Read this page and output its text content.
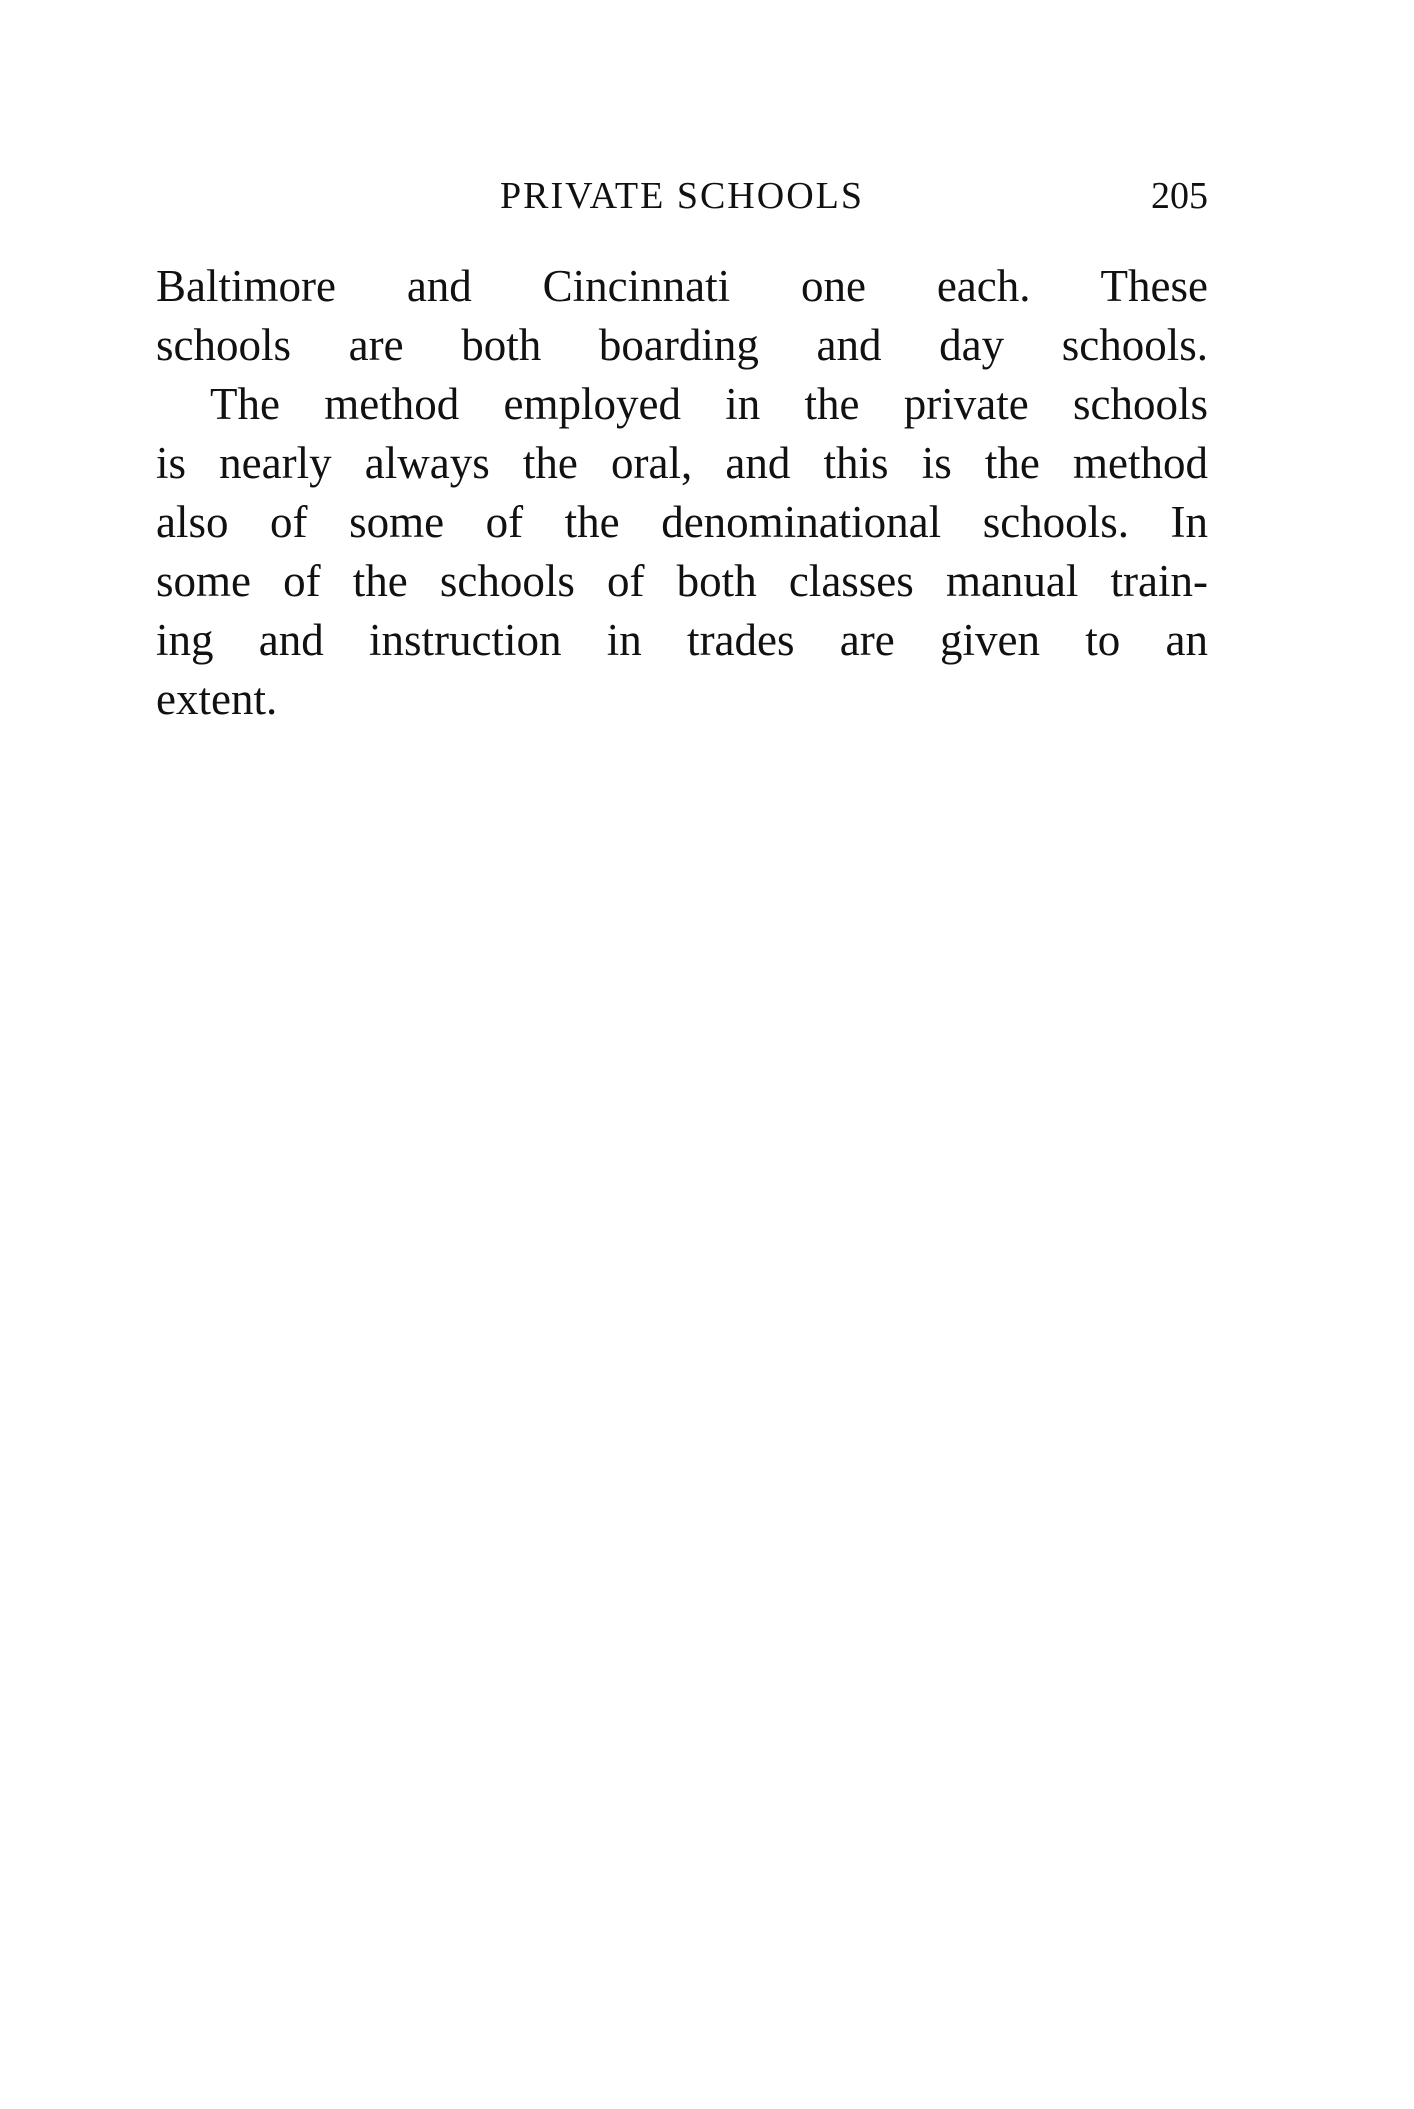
PRIVATE SCHOOLS	205
Baltimore and Cincinnati one each. These
schools are both boarding and day schools.
The method employed in the private schools
is nearly always the oral, and this is the method
also of some of the denominational schools. In
some of the schools of both classes manual train-
ing and instruction in trades are given to an
extent.
